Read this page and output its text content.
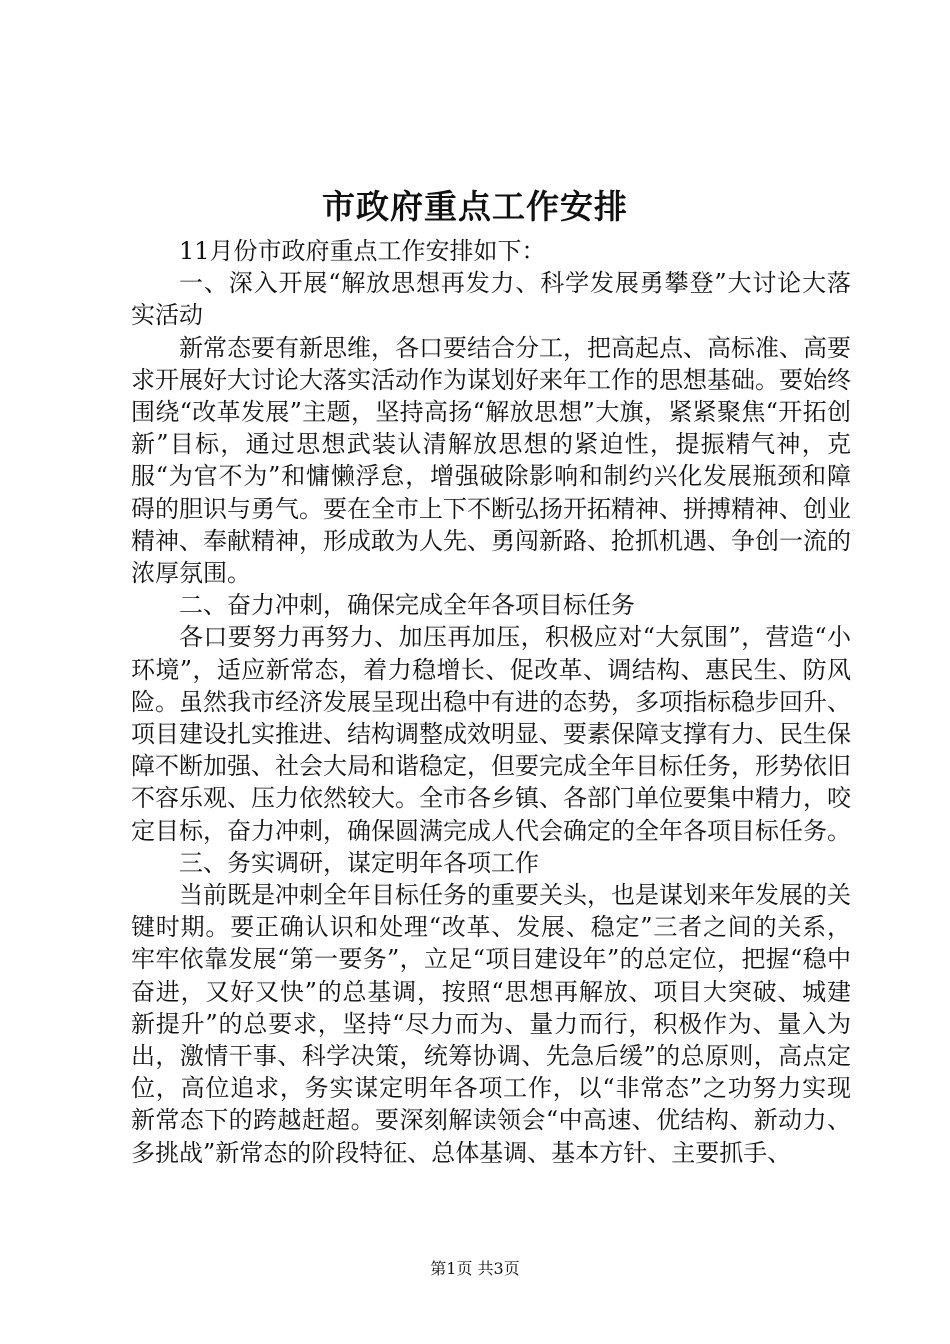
市政府重点工作安排

11月份市政府重点工作安排如下：

一、深入开展“解放思想再发力、科学发展勇攀登”大讨论大落实活动

新常态要有新思维，各口要结合分工，把高起点、高标准、高要求开展好大讨论大落实活动作为谋划好来年工作的思想基础。要始终围绕“改革发展”主题，坚持高扬“解放思想”大旗，紧紧聚焦“开拓创新”目标，通过思想武装认清解放思想的紧迫性，提振精气神，克服“为官不为”和慵懒浮怠，增强破除影响和制约兴化发展瓶颈和障碍的胆识与勇气。要在全市上下不断弘扬开拓精神、拼搏精神、创业精神、奉献精神，形成敢为人先、勇闯新路、抢抓机遇、争创一流的浓厚氛围。

二、奋力冲刺，确保完成全年各项目标任务

各口要努力再努力、加压再加压，积极应对“大氛围”，营造“小环境”，适应新常态，着力稳增长、促改革、调结构、惠民生、防风险。虽然我市经济发展呈现出稳中有进的态势，多项指标稳步回升、项目建设扎实推进、结构调整成效明显、要素保障支撑有力、民生保障不断加强、社会大局和谐稳定，但要完成全年目标任务，形势依旧不容乐观、压力依然较大。全市各乡镇、各部门单位要集中精力，咬定目标，奋力冲刺，确保圆满完成人代会确定的全年各项目标任务。

三、务实调研，谋定明年各项工作

当前既是冲刺全年目标任务的重要关头，也是谋划来年发展的关键时期。要正确认识和处理“改革、发展、稳定”三者之间的关系，牢牢依靠发展“第一要务”，立足“项目建设年”的总定位，把握“稳中奋进，又好又快”的总基调，按照“思想再解放、项目大突破、城建新提升”的总要求，坚持“尽力而为、量力而行，积极作为、量入为出，激情干事、科学决策，统筹协调、先急后缓”的总原则，高点定位，高位追求，务实谋定明年各项工作，以“非常态”之功努力实现新常态下的跨越赶超。要深刻解读领会“中高速、优结构、新动力、多挑战”新常态的阶段特征、总体基调、基本方针、主要抓手、

第1页 共3页
